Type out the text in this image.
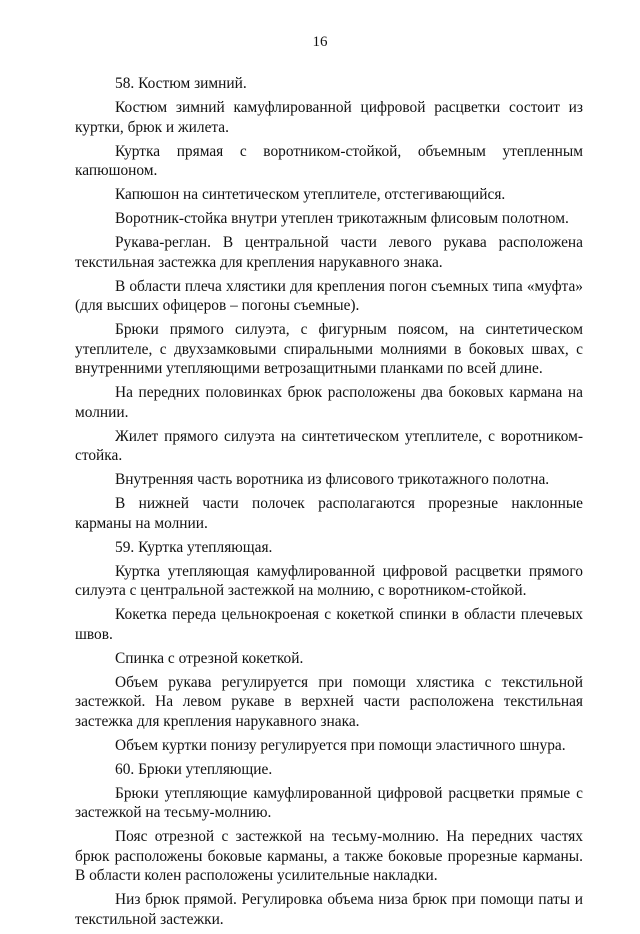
16

58. Костюм зимний.

Костюм зимний камуфлированной цифровой расцветки состоит из куртки, брюк и жилета.

Куртка прямая с воротником-стойкой, объемным утепленным капюшоном.

Капюшон на синтетическом утеплителе, отстегивающийся.

Воротник-стойка внутри утеплен трикотажным флисовым полотном.

Рукава-реглан. В центральной части левого рукава расположена текстильная застежка для крепления нарукавного знака.

В области плеча хлястики для крепления погон съемных типа «муфта» (для высших офицеров – погоны съемные).

Брюки прямого силуэта, с фигурным поясом, на синтетическом утеплителе, с двухзамковыми спиральными молниями в боковых швах, с внутренними утепляющими ветрозащитными планками по всей длине.

На передних половинках брюк расположены два боковых кармана на молнии.

Жилет прямого силуэта на синтетическом утеплителе, с воротником-стойка.

Внутренняя часть воротника из флисового трикотажного полотна.

В нижней части полочек располагаются прорезные наклонные карманы на молнии.

59. Куртка утепляющая.

Куртка утепляющая камуфлированной цифровой расцветки прямого силуэта с центральной застежкой на молнию, с воротником-стойкой.

Кокетка переда цельнокроеная с кокеткой спинки в области плечевых швов.

Спинка с отрезной кокеткой.

Объем рукава регулируется при помощи хлястика с текстильной застежкой. На левом рукаве в верхней части расположена текстильная застежка для крепления нарукавного знака.

Объем куртки понизу регулируется при помощи эластичного шнура.

60. Брюки утепляющие.

Брюки утепляющие камуфлированной цифровой расцветки прямые с застежкой на тесьму-молнию.

Пояс отрезной с застежкой на тесьму-молнию. На передних частях брюк расположены боковые карманы, а также боковые прорезные карманы. В области колен расположены усилительные накладки.

Низ брюк прямой. Регулировка объема низа брюк при помощи паты и текстильной застежки.
